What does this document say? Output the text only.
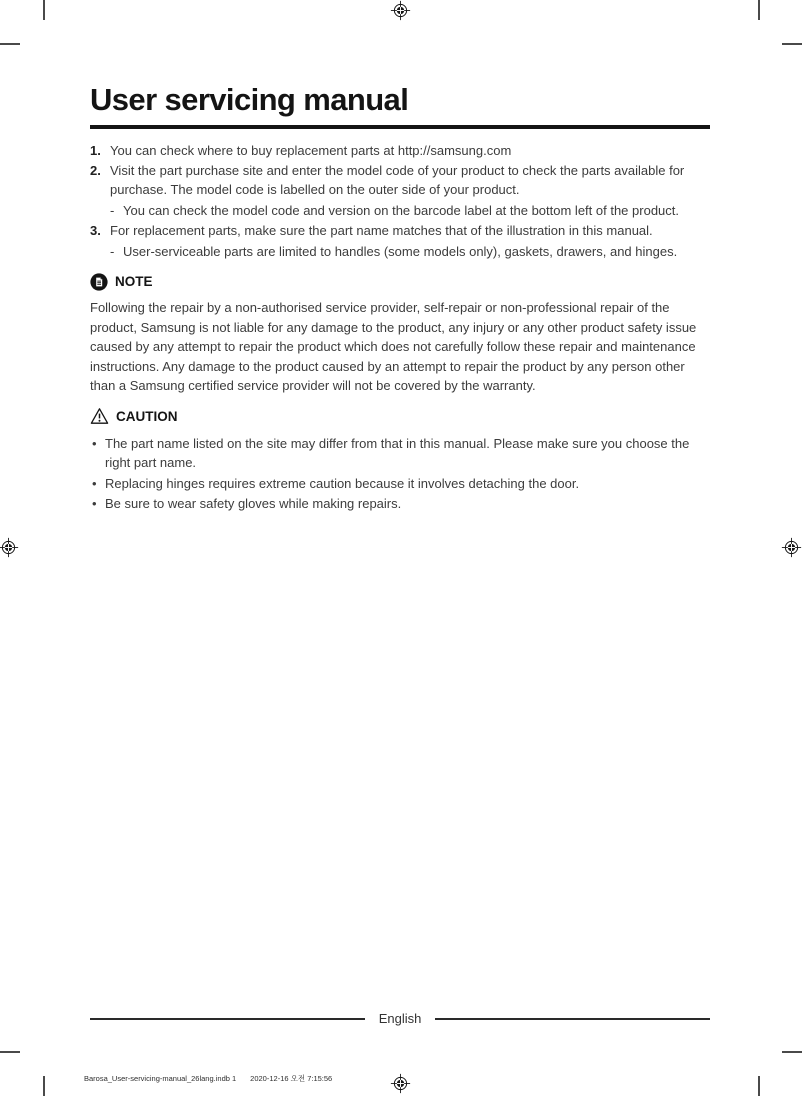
User servicing manual
1. You can check where to buy replacement parts at http://samsung.com
2. Visit the part purchase site and enter the model code of your product to check the parts available for purchase. The model code is labelled on the outer side of your product.
- You can check the model code and version on the barcode label at the bottom left of the product.
3. For replacement parts, make sure the part name matches that of the illustration in this manual.
- User-serviceable parts are limited to handles (some models only), gaskets, drawers, and hinges.
NOTE

Following the repair by a non-authorised service provider, self-repair or non-professional repair of the product, Samsung is not liable for any damage to the product, any injury or any other product safety issue caused by any attempt to repair the product which does not carefully follow these repair and maintenance instructions. Any damage to the product caused by an attempt to repair the product by any person other than a Samsung certified service provider will not be covered by the warranty.

CAUTION
• The part name listed on the site may differ from that in this manual. Please make sure you choose the right part name.
• Replacing hinges requires extreme caution because it involves detaching the door.
• Be sure to wear safety gloves while making repairs.
English
Barosa_User-servicing-manual_26lang.indb 1 2020-12-16 오전 7:15:56
